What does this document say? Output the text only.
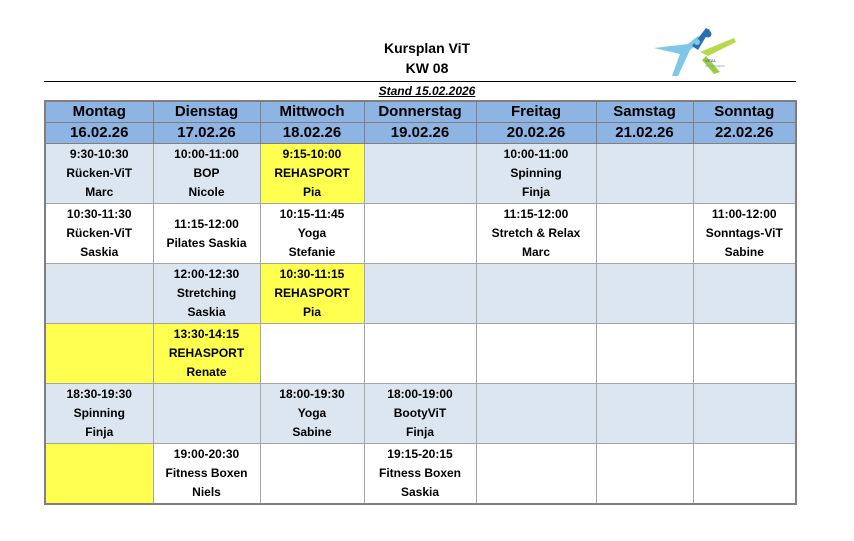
Kursplan ViT
KW 08
Stand 15.02.2026
VITAL
IN TÜRKHEIM
Montag	Dienstag	Mittwoch	Donnerstag	Freitag	Samstag	Sonntag
16.02.26	17.02.26	18.02.26	19.02.26	20.02.26	21.02.26	22.02.26

9:30-10:30
Rücken-ViT
Marc	10:00-11:00
BOP
Nicole	9:15-10:00
REHASPORT
Pia		10:00-11:00
Spinning
Finja		

10:30-11:30
Rücken-ViT
Saskia	11:15-12:00
Pilates Saskia	10:15-11:45
Yoga
Stefanie		11:15-12:00
Stretch & Relax
Marc		11:00-12:00
Sonntags-ViT
Sabine

	12:00-12:30
Stretching
Saskia	10:30-11:15
REHASPORT
Pia				

	13:30-14:15
REHASPORT
Renate					

18:30-19:30
Spinning
Finja		18:00-19:30
Yoga
Sabine	18:00-19:00
BootyViT
Finja			

	19:00-20:30
Fitness Boxen
Niels		19:15-20:15
Fitness Boxen
Saskia			
